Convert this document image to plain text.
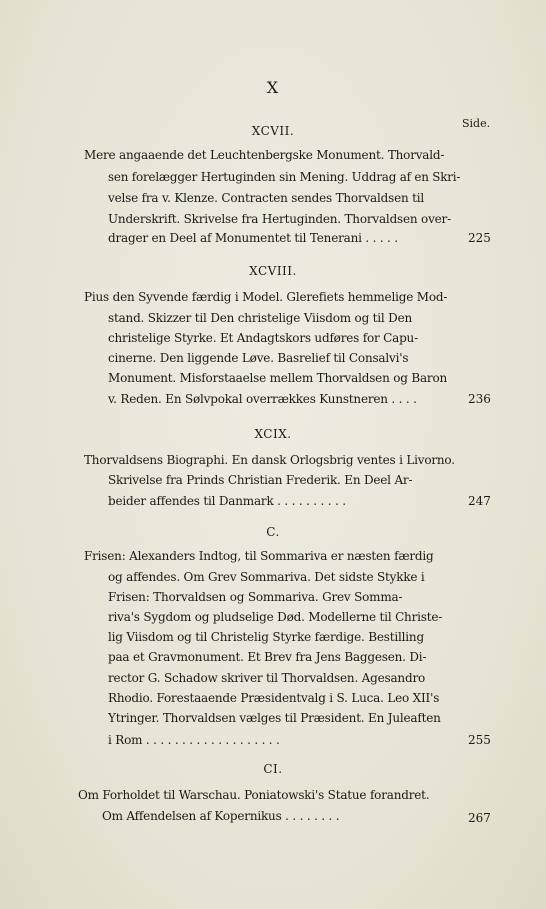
X
Side.
XCVII.
Mere angaaende det Leuchtenbergske Monument. Thorvald-
sen forelægger Hertuginden sin Mening. Uddrag af en Skri-
velse fra v. Klenze. Contracten sendes Thorvaldsen til
Underskrift. Skrivelse fra Hertuginden. Thorvaldsen over-
drager en Deel af Monumentet til Tenerani . . . . .	225
XCVIII.
Pius den Syvende færdig i Model. Glerefiets hemmelige Mod-
stand. Skizzer til Den christelige Viisdom og til Den
christelige Styrke. Et Andagtskors udføres for Capu-
cinerne. Den liggende Løve. Basrelief til Consalvi's
Monument. Misforstaaelse mellem Thorvaldsen og Baron
v. Reden. En Sølvpokal overrækkes Kunstneren . . . .	236
XCIX.
Thorvaldsens Biographi. En dansk Orlogsbrig ventes i Livorno.
Skrivelse fra Prinds Christian Frederik. En Deel Ar-
beider affendes til Danmark . . . . . . . . . .	247
C.
Frisen: Alexanders Indtog, til Sommariva er næsten færdig
og affendes. Om Grev Sommariva. Det sidste Stykke i
Frisen: Thorvaldsen og Sommariva. Grev Somma-
riva's Sygdom og pludselige Død. Modellerne til Christe-
lig Viisdom og til Christelig Styrke færdige. Bestilling
paa et Gravmonument. Et Brev fra Jens Baggesen. Di-
rector G. Schadow skriver til Thorvaldsen. Agesandro
Rhodio. Forestaaende Præsidentvalg i S. Luca. Leo XII's
Ytringer. Thorvaldsen vælges til Præsident. En Juleaften
i Rom . . . . . . . . . . . . . . . . . . .	255
CI.
Om Forholdet til Warschau. Poniatowski's Statue forandret.
Om Affendelsen af Kopernikus . . . . . . . .	267
